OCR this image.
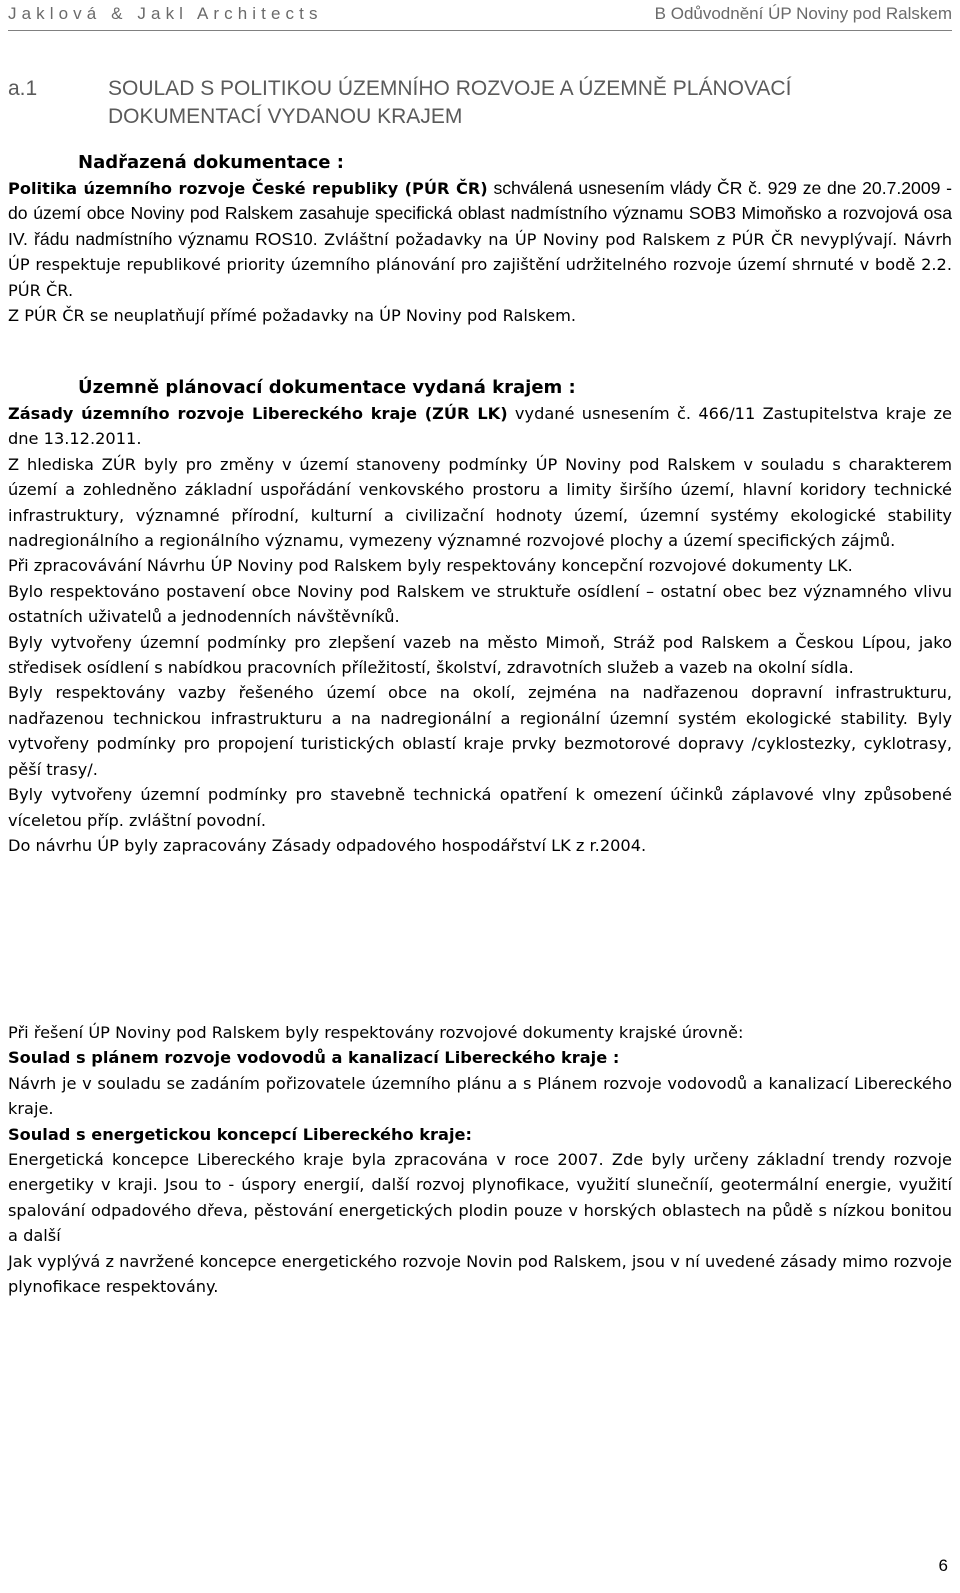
Jaklová & Jakl Architects	B Odůvodnění ÚP Noviny pod Ralskem
a.1	SOULAD S POLITIKOU ÚZEMNÍHO ROZVOJE A ÚZEMNĚ PLÁNOVACÍ DOKUMENTACÍ VYDANOU KRAJEM

Nadřazená dokumentace :

Politika územního rozvoje České republiky (PÚR ČR) schválená usnesením vlády ČR č. 929 ze dne 20.7.2009 - do území obce Noviny pod Ralskem zasahuje specifická oblast nadmístního významu SOB3 Mimoňsko a rozvojová osa IV. řádu nadmístního významu ROS10. Zvláštní požadavky na ÚP Noviny pod Ralskem z PÚR ČR nevyplývají. Návrh ÚP respektuje republikové priority územního plánování pro zajištění udržitelného rozvoje území shrnuté v bodě 2.2. PÚR ČR.

Z PÚR ČR se neuplatňují přímé požadavky na ÚP Noviny pod Ralskem.

Územně plánovací dokumentace vydaná krajem :

Zásady územního rozvoje Libereckého kraje (ZÚR LK) vydané usnesením č. 466/11 Zastupitelstva kraje ze dne 13.12.2011.

Z hlediska ZÚR byly pro změny v území stanoveny podmínky ÚP Noviny pod Ralskem v souladu s charakterem území a zohledněno základní uspořádání venkovského prostoru a limity širšího území, hlavní koridory technické infrastruktury, významné přírodní, kulturní a civilizační hodnoty území, územní systémy ekologické stability nadregionálního a regionálního významu, vymezeny významné rozvojové plochy a území specifických zájmů.

Při zpracovávání Návrhu ÚP Noviny pod Ralskem byly respektovány koncepční rozvojové dokumenty LK.

Bylo respektováno postavení obce Noviny pod Ralskem ve struktuře osídlení – ostatní obec bez významného vlivu ostatních uživatelů a jednodenních návštěvníků.

Byly vytvořeny územní podmínky pro zlepšení vazeb na město Mimoň, Stráž pod Ralskem a Českou Lípou, jako středisek osídlení s nabídkou pracovních příležitostí, školství, zdravotních služeb a vazeb na okolní sídla.

Byly respektovány vazby řešeného území obce na okolí, zejména na nadřazenou dopravní infrastrukturu, nadřazenou technickou infrastrukturu a na nadregionální a regionální územní systém ekologické stability. Byly vytvořeny podmínky pro propojení turistických oblastí kraje prvky bezmotorové dopravy /cyklostezky, cyklotrasy, pěší trasy/.

Byly vytvořeny územní podmínky pro stavebně technická opatření k omezení účinků záplavové vlny způsobené víceletou příp. zvláštní povodní.

Do návrhu ÚP byly zapracovány Zásady odpadového hospodářství LK z r.2004.

Při řešení ÚP Noviny pod Ralskem byly respektovány rozvojové dokumenty krajské úrovně:

Soulad s plánem rozvoje vodovodů a kanalizací Libereckého kraje :

Návrh je v souladu se zadáním pořizovatele územního plánu a s Plánem rozvoje vodovodů a kanalizací Libereckého kraje.

Soulad s energetickou koncepcí Libereckého kraje:

Energetická koncepce Libereckého kraje byla zpracována v roce 2007. Zde byly určeny základní trendy rozvoje energetiky v kraji. Jsou to - úspory energií, další rozvoj plynofikace, využití slunečníí, geotermální energie, využití spalování odpadového dřeva, pěstování energetických plodin pouze v horských oblastech na půdě s nízkou bonitou a další

Jak vyplývá z navržené koncepce energetického rozvoje Novin pod Ralskem, jsou v ní uvedené zásady mimo rozvoje plynofikace respektovány.

6
